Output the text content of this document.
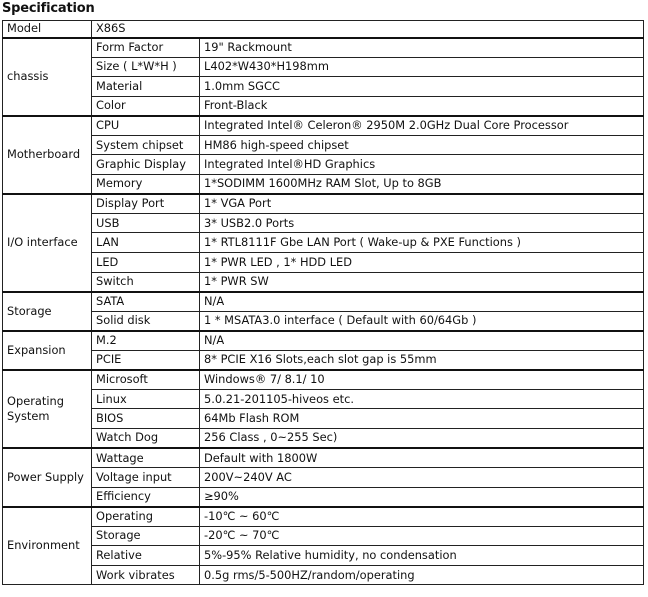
Specification
Model	X86S	
chassis	Form Factor	19" Rackmount
	Size ( L*W*H )	L402*W430*H198mm
	Material	1.0mm SGCC
	Color	Front-Black
Motherboard	CPU	Integrated Intel® Celeron® 2950M 2.0GHz Dual Core Processor
	System chipset	HM86 high-speed chipset
	Graphic Display	Integrated Intel®HD Graphics
	Memory	1*SODIMM 1600MHz RAM Slot, Up to 8GB
I/O interface	Display Port	1* VGA Port
	USB	3* USB2.0 Ports
	LAN	1* RTL8111F Gbe LAN Port ( Wake-up & PXE Functions )
	LED	1* PWR LED , 1* HDD LED
	Switch	1* PWR SW
Storage	SATA	N/A
	Solid disk	1 * MSATA3.0 interface ( Default with 60/64Gb )
Expansion	M.2	N/A
	PCIE	8* PCIE X16 Slots,each slot gap is 55mm
Operating System	Microsoft	Windows® 7/ 8.1/ 10
	Linux	5.0.21-201105-hiveos etc.
	BIOS	64Mb Flash ROM
	Watch Dog	256 Class , 0~255 Sec)
Power Supply	Wattage	Default with 1800W
	Voltage input	200V~240V AC
	Efficiency	≥90%
Environment	Operating	-10℃ ~ 60℃
	Storage	-20℃ ~ 70℃
	Relative	5%-95% Relative humidity, no condensation
	Work vibrates	0.5g rms/5-500HZ/random/operating
